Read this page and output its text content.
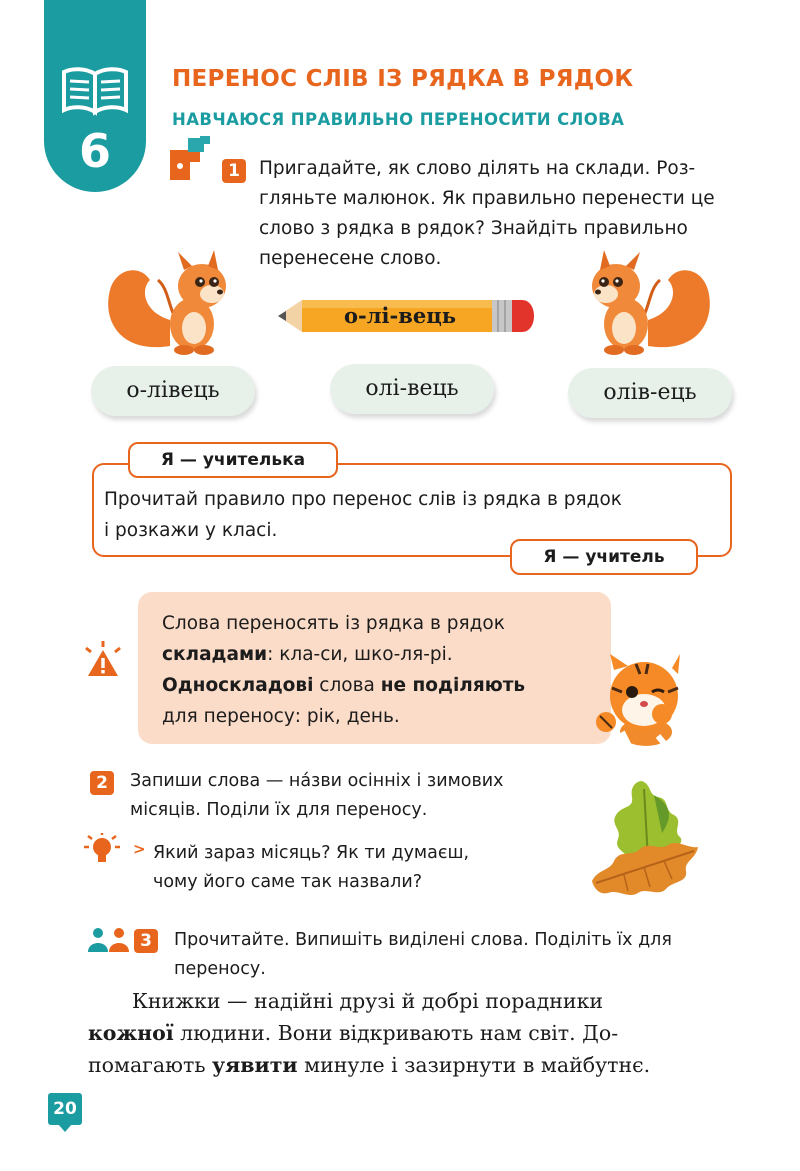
6
ПЕРЕНОС СЛІВ ІЗ РЯДКА В РЯДОК
НАВЧАЮСЯ ПРАВИЛЬНО ПЕРЕНОСИТИ СЛОВА
1	Пригадайте, як слово ділять на склади. Роз-
гляньте малюнок. Як правильно перенести це
слово з рядка в рядок? Знайдіть правильно
перенесене слово.
о-лі-вець
о-лівець	олі-вець	олів-ець
Я — учителька
Прочитай правило про перенос слів із рядка в рядок
і розкажи у класі.
Я — учитель
Слова переносять із рядка в рядок
складами: кла-си, шко-ля-рі.
Односкладові слова не поділяють
для переносу: рік, день.
2	Запиши слова — на́зви осінніх і зимових
місяців. Поділи їх для переносу.
> Який зараз місяць? Як ти думаєш,
чому його саме так назвали?
3	Прочитайте. Випишіть виділені слова. Поділіть їх для
переносу.

Книжки — надійні друзі й добрі порадники

кожної людини. Вони відкривають нам світ. До-

помагають уявити минуле і зазирнути в майбутнє.

20
